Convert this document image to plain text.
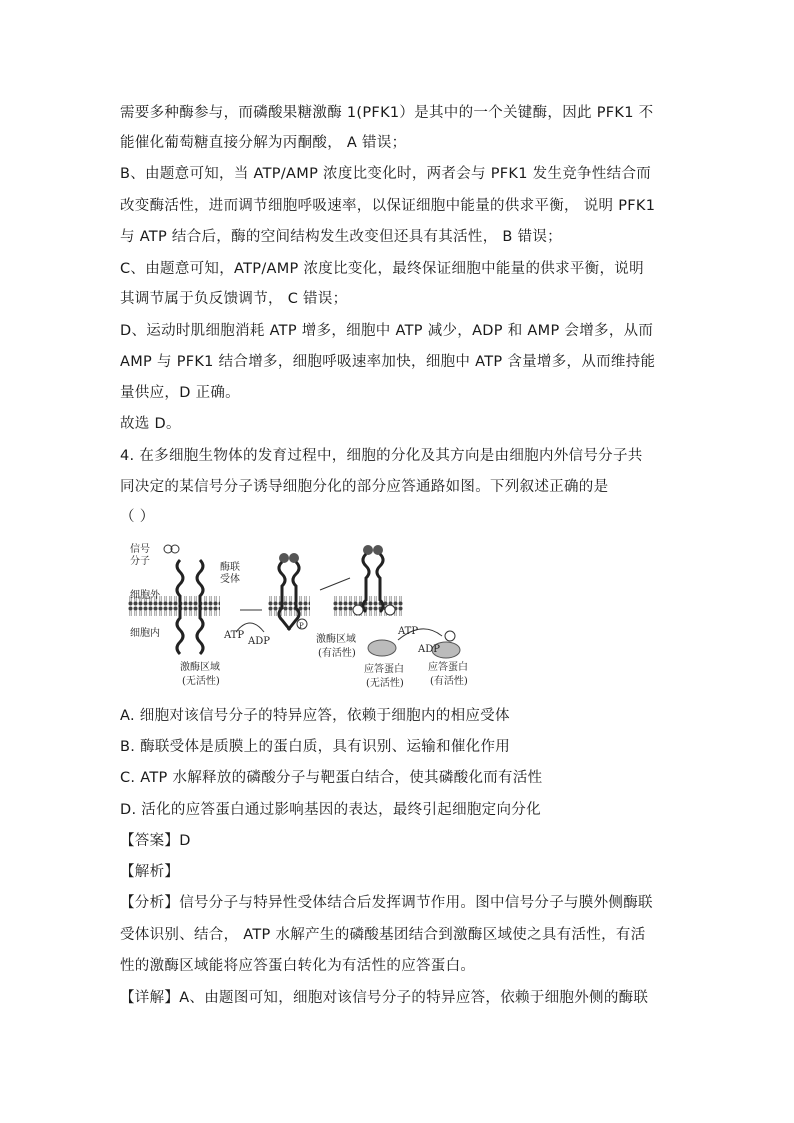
需要多种酶参与，而磷酸果糖激酶 1(PFK1）是其中的一个关键酶，因此 PFK1 不
能催化葡萄糖直接分解为丙酮酸， A 错误；
B、由题意可知，当 ATP/AMP 浓度比变化时，两者会与 PFK1 发生竞争性结合而
改变酶活性，进而调节细胞呼吸速率，以保证细胞中能量的供求平衡， 说明 PFK1
与 ATP 结合后，酶的空间结构发生改变但还具有其活性， B 错误；
C、由题意可知，ATP/AMP 浓度比变化，最终保证细胞中能量的供求平衡，说明
其调节属于负反馈调节， C 错误；
D、运动时肌细胞消耗 ATP 增多，细胞中 ATP 减少，ADP 和 AMP 会增多，从而
AMP 与 PFK1 结合增多，细胞呼吸速率加快，细胞中 ATP 含量增多，从而维持能
量供应，D 正确。
故选 D。
4. 在多细胞生物体的发育过程中，细胞的分化及其方向是由细胞内外信号分子共
同决定的某信号分子诱导细胞分化的部分应答通路如图。下列叙述正确的是
（ ）
信号
分子
酶联
受体
细胞外
细胞内
激酶区域
(无活性)
ATP
ADP
P
激酶区域
(有活性)
ATP
ADP
应答蛋白
(无活性)
应答蛋白
(有活性)
A. 细胞对该信号分子的特异应答，依赖于细胞内的相应受体
B. 酶联受体是质膜上的蛋白质，具有识别、运输和催化作用
C. ATP 水解释放的磷酸分子与靶蛋白结合，使其磷酸化而有活性
D. 活化的应答蛋白通过影响基因的表达，最终引起细胞定向分化
【答案】D
【解析】
【分析】信号分子与特异性受体结合后发挥调节作用。图中信号分子与膜外侧酶联
受体识别、结合， ATP 水解产生的磷酸基团结合到激酶区域使之具有活性，有活
性的激酶区域能将应答蛋白转化为有活性的应答蛋白。
【详解】A、由题图可知，细胞对该信号分子的特异应答，依赖于细胞外侧的酶联
